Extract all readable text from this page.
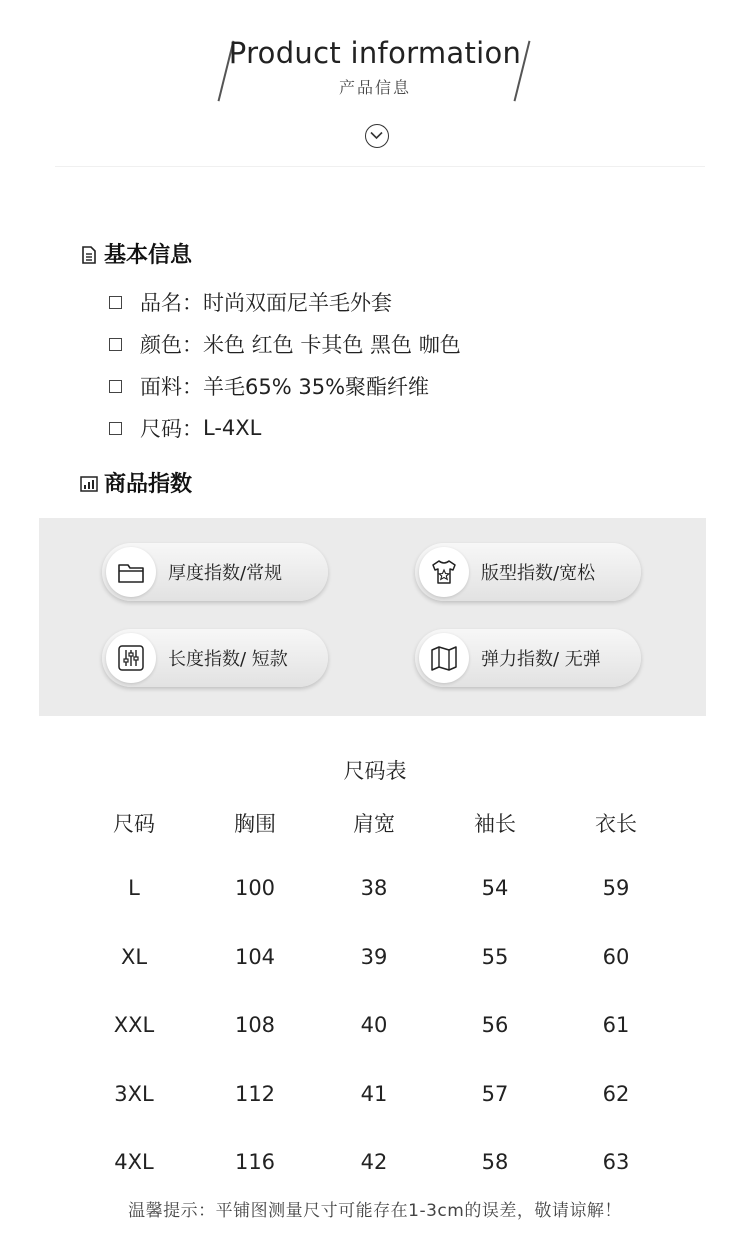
Product information
产品信息
基本信息
品名： 时尚双面尼羊毛外套
颜色： 米色 红色 卡其色 黑色 咖色
面料： 羊毛65% 35%聚酯纤维
尺码： L-4XL
商品指数
厚度指数/常规	版型指数/宽松
长度指数/ 短款	弹力指数/ 无弹
尺码表
尺码	胸围	肩宽	袖长	衣长
L	100	38	54	59
XL	104	39	55	60
XXL	108	40	56	61
3XL	112	41	57	62
4XL	116	42	58	63
温馨提示：平铺图测量尺寸可能存在1-3cm的误差，敬请谅解！
